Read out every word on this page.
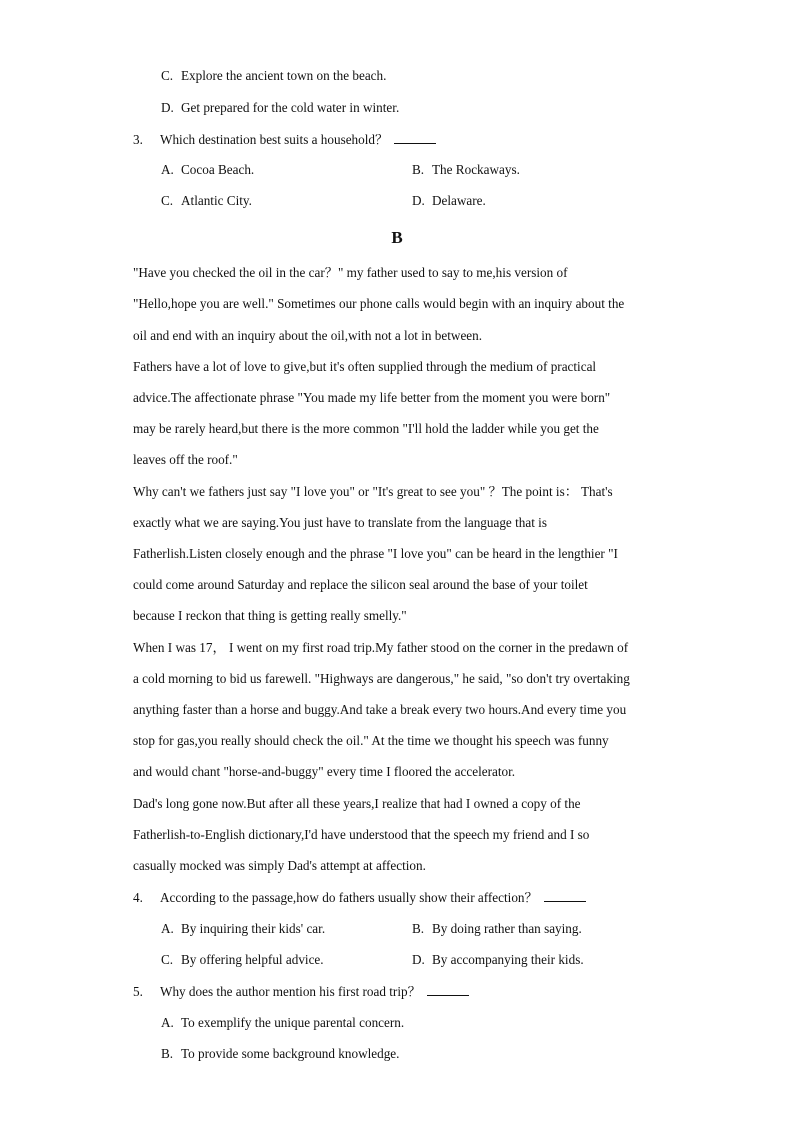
C. Explore the ancient town on the beach.
D. Get prepared for the cold water in winter.
3. Which destination best suits a household？
A. Cocoa Beach.	B. The Rockaways.
C. Atlantic City.	D. Delaware.
B
"Have you checked the oil in the car？" my father used to say to me,his version of
"Hello,hope you are well." Sometimes our phone calls would begin with an inquiry about the
oil and end with an inquiry about the oil,with not a lot in between.
Fathers have a lot of love to give,but it's often supplied through the medium of practical
advice.The affectionate phrase "You made my life better from the moment you were born"
may be rarely heard,but there is the more common "I'll hold the ladder while you get the
leaves off the roof."
Why can't we fathers just say "I love you" or "It's great to see you" ？The point is： That's
exactly what we are saying.You just have to translate from the language that is
Fatherlish.Listen closely enough and the phrase "I love you" can be heard in the lengthier "I
could come around Saturday and replace the silicon seal around the base of your toilet
because I reckon that thing is getting really smelly."
When I was 17， I went on my first road trip.My father stood on the corner in the predawn of
a cold morning to bid us farewell. "Highways are dangerous," he said, "so don't try overtaking
anything faster than a horse and buggy.And take a break every two hours.And every time you
stop for gas,you really should check the oil." At the time we thought his speech was funny
and would chant "horse-and-buggy" every time I floored the accelerator.
Dad's long gone now.But after all these years,I realize that had I owned a copy of the
Fatherlish-to-English dictionary,I'd have understood that the speech my friend and I so
casually mocked was simply Dad's attempt at affection.
4. According to the passage,how do fathers usually show their affection？
A. By inquiring their kids' car.	B. By doing rather than saying.
C. By offering helpful advice.	D. By accompanying their kids.
5. Why does the author mention his first road trip？
A. To exemplify the unique parental concern.
B. To provide some background knowledge.
